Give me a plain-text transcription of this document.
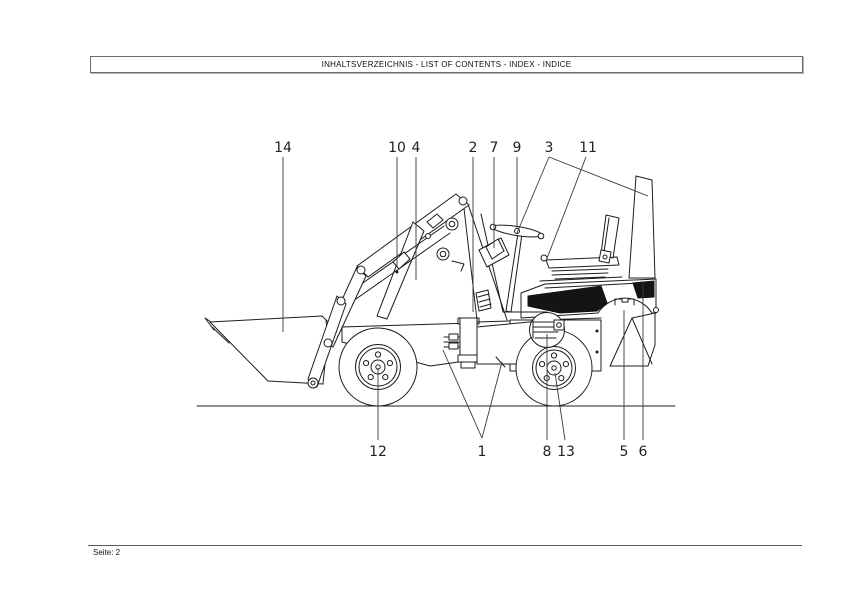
INHALTSVERZEICHNIS - LIST OF CONTENTS - INDEX - INDICE
14	10 4	2 7 9 3 11
12	1	8 13	5 6
Seite: 2
